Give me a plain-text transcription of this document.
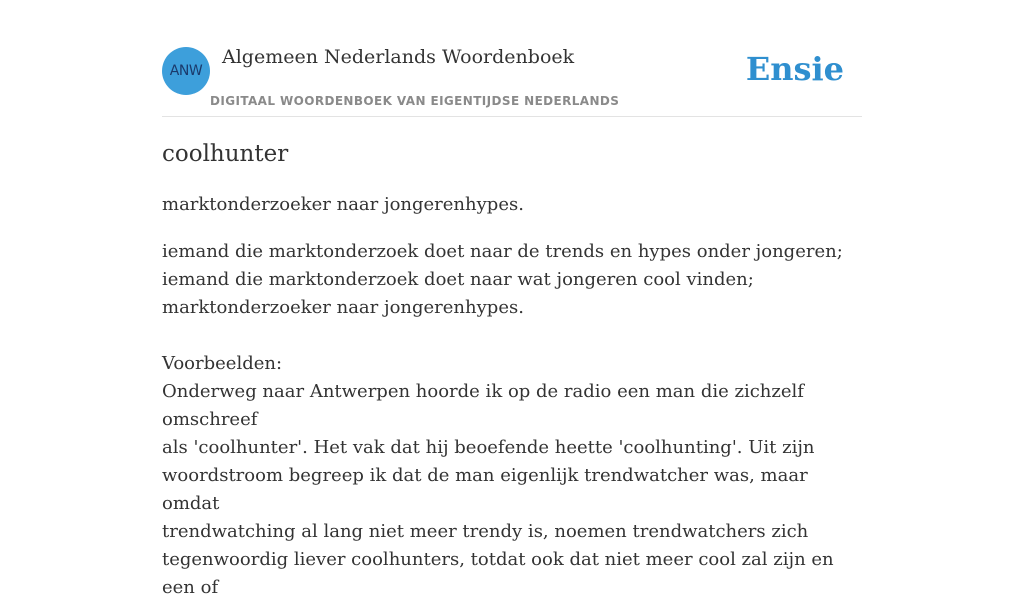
ANW
Algemeen Nederlands Woordenboek
DIGITAAL WOORDENBOEK VAN EIGENTIJDSE NEDERLANDS
Ensie
coolhunter

marktonderzoeker naar jongerenhypes.

iemand die marktonderzoek doet naar de trends en hypes onder jongeren;
iemand die marktonderzoek doet naar wat jongeren cool vinden;
marktonderzoeker naar jongerenhypes.
Voorbeelden:
Onderweg naar Antwerpen hoorde ik op de radio een man die zichzelf omschreef
als 'coolhunter'. Het vak dat hij beoefende heette 'coolhunting'. Uit zijn
woordstroom begreep ik dat de man eigenlijk trendwatcher was, maar omdat
trendwatching al lang niet meer trendy is, noemen trendwatchers zich
tegenwoordig liever coolhunters, totdat ook dat niet meer cool zal zijn en een of
